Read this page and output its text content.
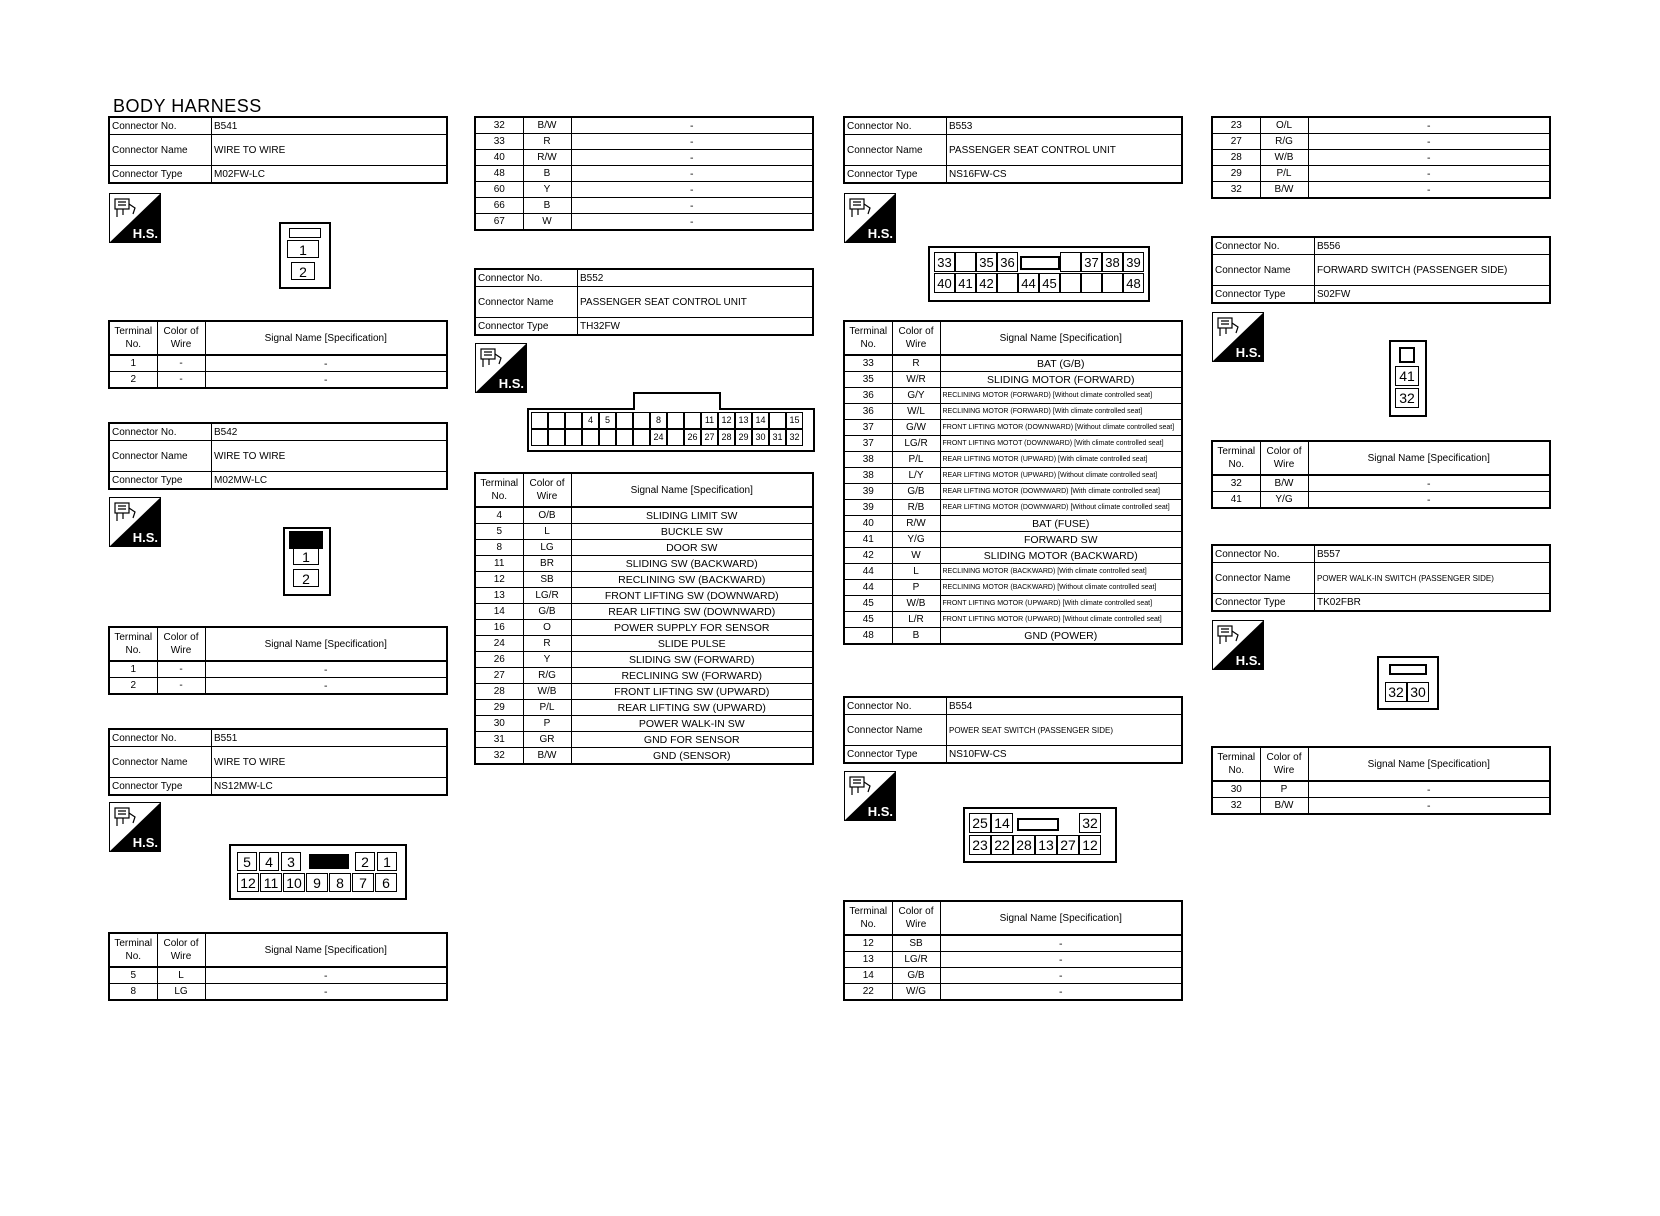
BODY HARNESS
Connector No.	B541
Connector Name	WIRE TO WIRE
Connector Type	M02FW-LC
H.S.
1
2
Terminal No.	Color of Wire	Signal Name [Specification]
1	-	-
2	-	-
Connector No.	B542
Connector Name	WIRE TO WIRE
Connector Type	M02MW-LC
H.S.
1
2
Terminal No.	Color of Wire	Signal Name [Specification]
1	-	-
2	-	-
Connector No.	B551
Connector Name	WIRE TO WIRE
Connector Type	NS12MW-LC
H.S.
5	4	3	2	1
12 11 10 9	8	7	6
Terminal No.	Color of Wire	Signal Name [Specification]
5	L	-
8	LG	-
32	B/W	-
33	R	-
40	R/W	-
48	B	-
60	Y	-
66	B	-
67	W	-
Connector No.	B552
Connector Name	PASSENGER SEAT CONTROL UNIT
Connector Type	TH32FW
H.S.
4	5	8	11 12 13 14	15
24	26 27 28 29 30 31 32
Terminal No.	Color of Wire	Signal Name [Specification]
4	O/B	SLIDING LIMIT SW
5	L	BUCKLE SW
8	LG	DOOR SW
11	BR	SLIDING SW (BACKWARD)
12	SB	RECLINING SW (BACKWARD)
13	LG/R	FRONT LIFTING SW (DOWNWARD)
14	G/B	REAR LIFTING SW (DOWNWARD)
16	O	POWER SUPPLY FOR SENSOR
24	R	SLIDE PULSE
26	Y	SLIDING SW (FORWARD)
27	R/G	RECLINING SW (FORWARD)
28	W/B	FRONT LIFTING SW (UPWARD)
29	P/L	REAR LIFTING SW (UPWARD)
30	P	POWER WALK-IN SW
31	GR	GND FOR SENSOR
32	B/W	GND (SENSOR)
Connector No.	B553
Connector Name	PASSENGER SEAT CONTROL UNIT
Connector Type	NS16FW-CS
H.S.
33 35 36	37 38 39
40 41 42 44 45	48
Terminal No.	Color of Wire	Signal Name [Specification]
33	R	BAT (G/B)
35	W/R	SLIDING MOTOR (FORWARD)
36	G/Y	RECLINING MOTOR (FORWARD) [Without climate controlled seat]
36	W/L	RECLINING MOTOR (FORWARD) [With climate controlled seat]
37	G/W	FRONT LIFTING MOTOR (DOWNWARD) [Without climate controlled seat]
37	LG/R	FRONT LIFTING MOTOT (DOWNWARD) [With climate controlled seat]
38	P/L	REAR LIFTING MOTOR (UPWARD) [With climate controlled seat]
38	L/Y	REAR LIFTING MOTOR (UPWARD) [Without climate controlled seat]
39	G/B	REAR LIFTING MOTOR (DOWNWARD) [With climate controlled seat]
39	R/B	REAR LIFTING MOTOR (DOWNWARD) [Without climate controlled seat]
40	R/W	BAT (FUSE)
41	Y/G	FORWARD SW
42	W	SLIDING MOTOR (BACKWARD)
44	L	RECLINING MOTOR (BACKWARD) [With climate controlled seat]
44	P	RECLINING MOTOR (BACKWARD) [Without climate controlled seat]
45	W/B	FRONT LIFTING MOTOR (UPWARD) [With climate controlled seat]
45	L/R	FRONT LIFTING MOTOR (UPWARD) [Without climate controlled seat]
48	B	GND (POWER)
Connector No.	B554
Connector Name	POWER SEAT SWITCH (PASSENGER SIDE)
Connector Type	NS10FW-CS
H.S.
25 14	32
23 22 28 13 27 12
Terminal No.	Color of Wire	Signal Name [Specification]
12	SB	-
13	LG/R	-
14	G/B	-
22	W/G	-
23	O/L	-
27	R/G	-
28	W/B	-
29	P/L	-
32	B/W	-
Connector No.	B556
Connector Name	FORWARD SWITCH (PASSENGER SIDE)
Connector Type	S02FW
H.S.
41
32
Terminal No.	Color of Wire	Signal Name [Specification]
32	B/W	-
41	Y/G	-
Connector No.	B557
Connector Name	POWER WALK-IN SWITCH (PASSENGER SIDE)
Connector Type	TK02FBR
H.S.
32 30
Terminal No.	Color of Wire	Signal Name [Specification]
30	P	-
32	B/W	-
